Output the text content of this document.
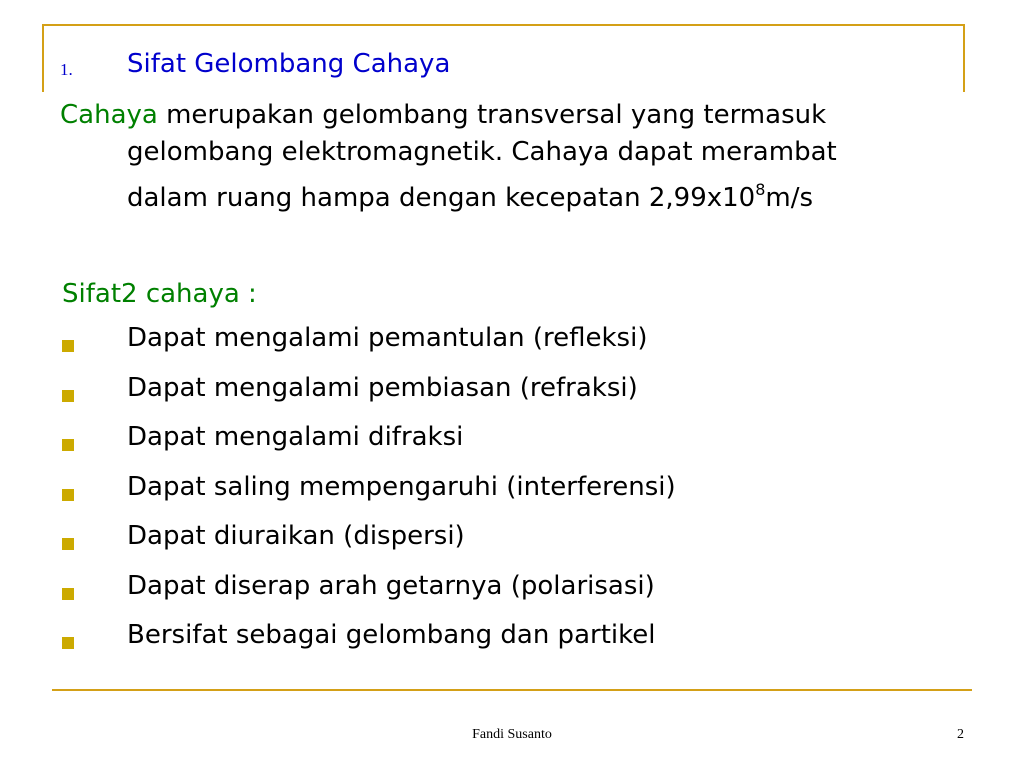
1. Sifat Gelombang Cahaya
Cahaya merupakan gelombang transversal yang termasuk
gelombang elektromagnetik. Cahaya dapat merambat
dalam ruang hampa dengan kecepatan $2,99x10^8m/s$
Sifat2 cahaya :
Dapat mengalami pemantulan (refleksi)
Dapat mengalami pembiasan (refraksi)
Dapat mengalami difraksi
Dapat saling mempengaruhi (interferensi)
Dapat diuraikan (dispersi)
Dapat diserap arah getarnya (polarisasi)
Bersifat sebagai gelombang dan partikel
Fandi Susanto	2
